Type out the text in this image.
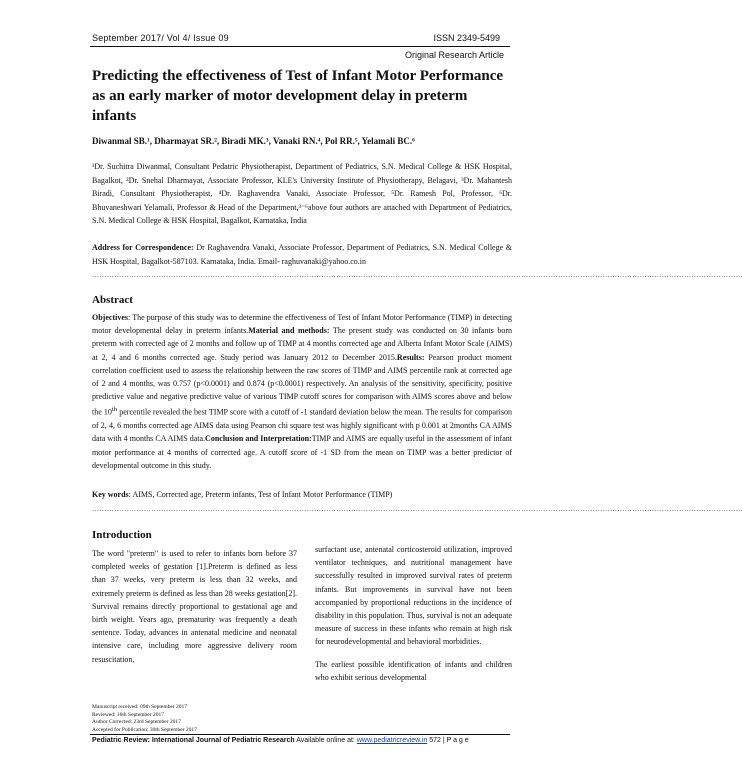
September 2017/ Vol 4/ Issue 09	ISSN 2349-5499
Original Research Article
Predicting the effectiveness of Test of Infant Motor Performance as an early marker of motor development delay in preterm infants
Diwanmal SB.¹, Dharmayat SR.², Biradi MK.³, Vanaki RN.⁴, Pol RR.⁵, Yelamali BC.⁶
¹Dr. Suchitra Diwanmal, Consultant Pedatric Physiotherapist, Department of Pediatrics, S.N. Medical College & HSK Hospital, Bagalkot, ²Dr. Snehal Dharmayat, Associate Professor, KLE's University Institute of Physiotherapy, Belagavi, ³Dr. Mahantesh Biradi, Consultant Physiotherapist, ⁴Dr. Raghavendra Vanaki, Associate Professor, ⁵Dr. Ramesh Pol, Professor, ⁶Dr. Bhuvaneshwari Yelamali, Professor & Head of the Department,³⁻⁶above four authors are attached with Department of Pediatrics, S.N. Medical College & HSK Hospital, Bagalkot, Karnataka, India
Address for Correspondence: Dr Raghavendra Vanaki, Associate Professor, Department of Pediatrics, S.N. Medical College & HSK Hospital, Bagalkot-587103. Karnataka, India. Email- raghuvanaki@yahoo.co.in
…………………………………………………………………………………………………………………………………………………………………………………………………………………………………………
Abstract
Objectives: The purpose of this study was to determine the effectiveness of Test of Infant Motor Performance (TIMP) in detecting motor developmental delay in preterm infants.Material and methods: The present study was conducted on 30 infants born preterm with corrected age of 2 months and follow up of TIMP at 4 months corrected age and Alberta Infant Motor Scale (AIMS) at 2, 4 and 6 months corrected age. Study period was January 2012 to December 2015.Results: Pearson product moment correlation coefficient used to assess the relationship between the raw scores of TIMP and AIMS percentile rank at corrected age of 2 and 4 months, was 0.757 (p<0.0001) and 0.874 (p<0.0001) respectively. An analysis of the sensitivity, specificity, positive predictive value and negative predictive value of various TIMP cutoff scores for comparison with AIMS scores above and below the 10th percentile revealed the best TIMP score with a cutoff of -1 standard deviation below the mean. The results for comparison of 2, 4, 6 months corrected age AIMS data using Pearson chi square test was highly significant with p 0.001 at 2months CA AIMS data with 4 months CA AIMS data.Conclusion and Interpretation:TIMP and AIMS are equally useful in the assessment of infant motor performance at 4 months of corrected age. A cutoff score of -1 SD from the mean on TIMP was a better predictor of developmental outcome in this study.
Key words: AIMS, Corrected age, Preterm infants, Test of Infant Motor Performance (TIMP)
…………………………………………………………………………………………………………………………………………………………………………………………………………………………………………
Introduction
The word "preterm" is used to refer to infants born before 37 completed weeks of gestation [1].Preterm is defined as less than 37 weeks, very preterm is less than 32 weeks, and extremely preterm is defined as less than 28 weeks gestation[2]. Survival remains directly proportional to gestational age and birth weight. Years ago, prematurity was frequently a death sentence. Today, advances in antenatal medicine and neonatal intensive care, including more aggressive delivery room resuscitation,

surfactant use, antenatal corticosteroid utilization, improved ventilator techniques, and nutritional management have successfully resulted in improved survival rates of preterm infants. But improvements in survival have not been accompanied by proportional reductions in the incidence of disability in this population. Thus, survival is not an adequate measure of success in these infants who remain at high risk for neurodevelopmental and behavioral morbidities.

The earliest possible identification of infants and children who exhibit serious developmental

Manuscript received: 09th September 2017
Reviewed: 16th September 2017
Author Corrected: 23rd September 2017
Accepted for Publication: 30th September 2017
Pediatric Review: International Journal of Pediatric Research Available online at: www.pediatricreview.in 572 | P a g e
